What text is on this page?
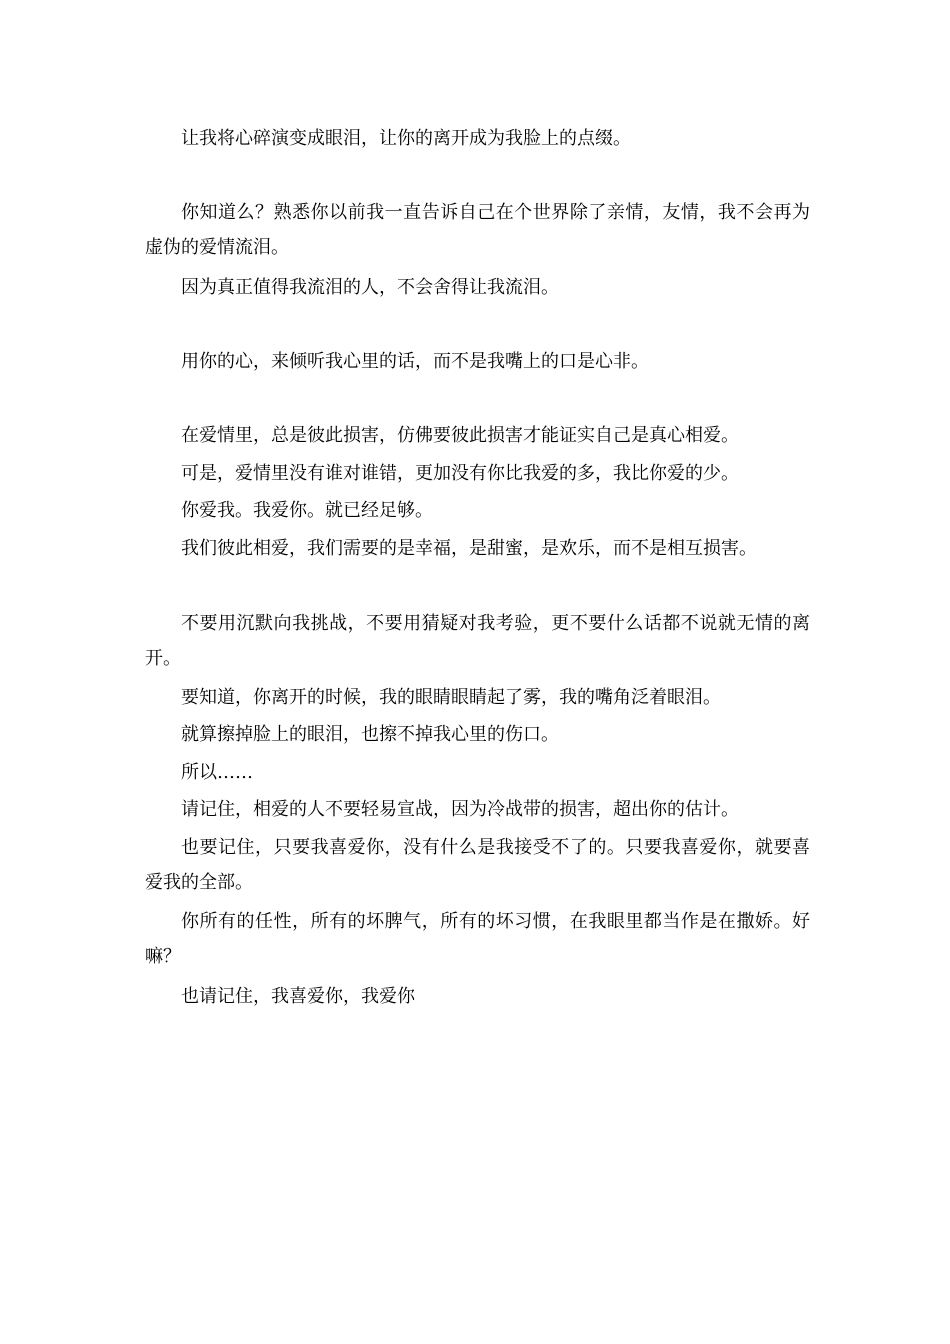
让我将心碎演变成眼泪，让你的离开成为我脸上的点缀。

你知道么？熟悉你以前我一直告诉自己在个世界除了亲情，友情，我不会再为虚伪的爱情流泪。

因为真正值得我流泪的人，不会舍得让我流泪。

用你的心，来倾听我心里的话，而不是我嘴上的口是心非。

在爱情里，总是彼此损害，仿佛要彼此损害才能证实自己是真心相爱。

可是，爱情里没有谁对谁错，更加没有你比我爱的多，我比你爱的少。

你爱我。我爱你。就已经足够。

我们彼此相爱，我们需要的是幸福，是甜蜜，是欢乐，而不是相互损害。

不要用沉默向我挑战，不要用猜疑对我考验，更不要什么话都不说就无情的离开。

要知道，你离开的时候，我的眼睛眼睛起了雾，我的嘴角泛着眼泪。

就算擦掉脸上的眼泪，也擦不掉我心里的伤口。

所以……

请记住，相爱的人不要轻易宣战，因为冷战带的损害，超出你的估计。

也要记住，只要我喜爱你，没有什么是我接受不了的。只要我喜爱你，就要喜爱我的全部。

你所有的任性，所有的坏脾气，所有的坏习惯，在我眼里都当作是在撒娇。好嘛？

也请记住，我喜爱你，我爱你
